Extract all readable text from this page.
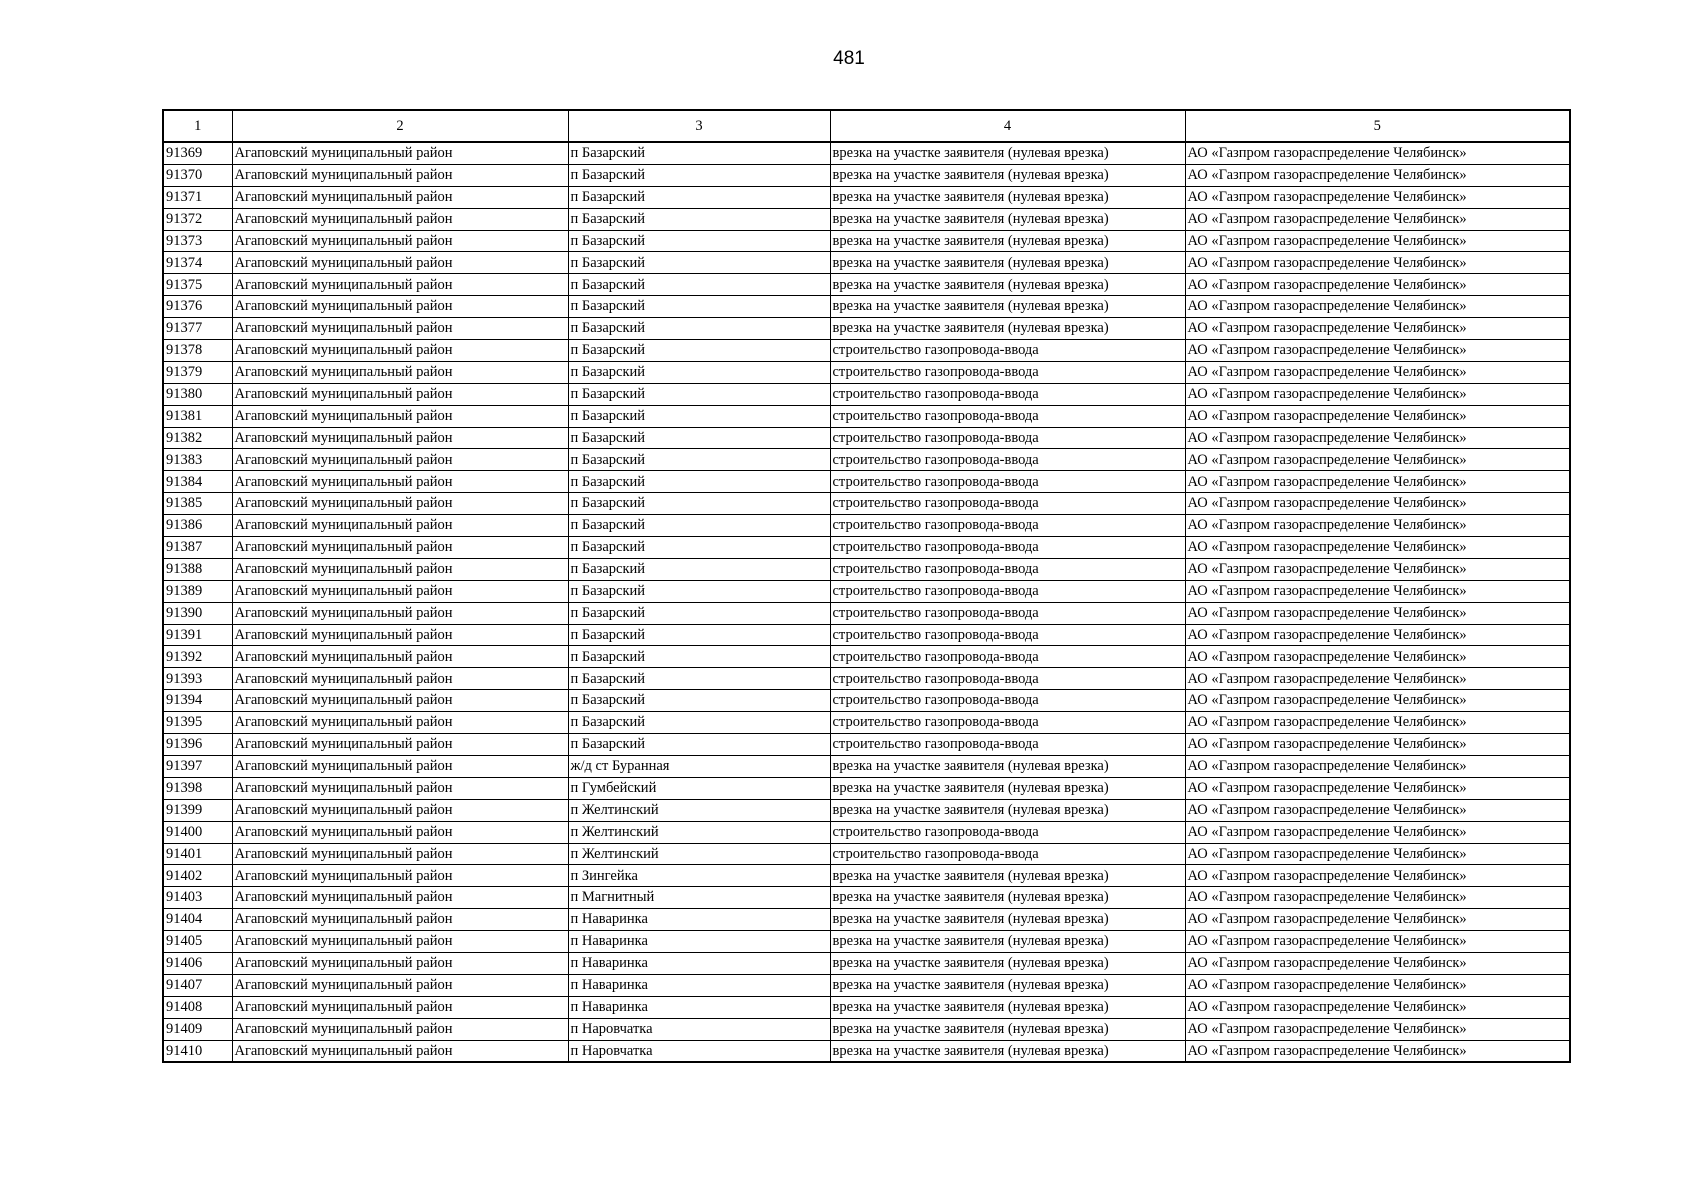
481
1	2	3	4	5
91369	Агаповский муниципальный район	п Базарский	врезка на участке заявителя (нулевая врезка)	АО «Газпром газораспределение Челябинск»
91370	Агаповский муниципальный район	п Базарский	врезка на участке заявителя (нулевая врезка)	АО «Газпром газораспределение Челябинск»
91371	Агаповский муниципальный район	п Базарский	врезка на участке заявителя (нулевая врезка)	АО «Газпром газораспределение Челябинск»
91372	Агаповский муниципальный район	п Базарский	врезка на участке заявителя (нулевая врезка)	АО «Газпром газораспределение Челябинск»
91373	Агаповский муниципальный район	п Базарский	врезка на участке заявителя (нулевая врезка)	АО «Газпром газораспределение Челябинск»
91374	Агаповский муниципальный район	п Базарский	врезка на участке заявителя (нулевая врезка)	АО «Газпром газораспределение Челябинск»
91375	Агаповский муниципальный район	п Базарский	врезка на участке заявителя (нулевая врезка)	АО «Газпром газораспределение Челябинск»
91376	Агаповский муниципальный район	п Базарский	врезка на участке заявителя (нулевая врезка)	АО «Газпром газораспределение Челябинск»
91377	Агаповский муниципальный район	п Базарский	врезка на участке заявителя (нулевая врезка)	АО «Газпром газораспределение Челябинск»
91378	Агаповский муниципальный район	п Базарский	строительство газопровода-ввода	АО «Газпром газораспределение Челябинск»
91379	Агаповский муниципальный район	п Базарский	строительство газопровода-ввода	АО «Газпром газораспределение Челябинск»
91380	Агаповский муниципальный район	п Базарский	строительство газопровода-ввода	АО «Газпром газораспределение Челябинск»
91381	Агаповский муниципальный район	п Базарский	строительство газопровода-ввода	АО «Газпром газораспределение Челябинск»
91382	Агаповский муниципальный район	п Базарский	строительство газопровода-ввода	АО «Газпром газораспределение Челябинск»
91383	Агаповский муниципальный район	п Базарский	строительство газопровода-ввода	АО «Газпром газораспределение Челябинск»
91384	Агаповский муниципальный район	п Базарский	строительство газопровода-ввода	АО «Газпром газораспределение Челябинск»
91385	Агаповский муниципальный район	п Базарский	строительство газопровода-ввода	АО «Газпром газораспределение Челябинск»
91386	Агаповский муниципальный район	п Базарский	строительство газопровода-ввода	АО «Газпром газораспределение Челябинск»
91387	Агаповский муниципальный район	п Базарский	строительство газопровода-ввода	АО «Газпром газораспределение Челябинск»
91388	Агаповский муниципальный район	п Базарский	строительство газопровода-ввода	АО «Газпром газораспределение Челябинск»
91389	Агаповский муниципальный район	п Базарский	строительство газопровода-ввода	АО «Газпром газораспределение Челябинск»
91390	Агаповский муниципальный район	п Базарский	строительство газопровода-ввода	АО «Газпром газораспределение Челябинск»
91391	Агаповский муниципальный район	п Базарский	строительство газопровода-ввода	АО «Газпром газораспределение Челябинск»
91392	Агаповский муниципальный район	п Базарский	строительство газопровода-ввода	АО «Газпром газораспределение Челябинск»
91393	Агаповский муниципальный район	п Базарский	строительство газопровода-ввода	АО «Газпром газораспределение Челябинск»
91394	Агаповский муниципальный район	п Базарский	строительство газопровода-ввода	АО «Газпром газораспределение Челябинск»
91395	Агаповский муниципальный район	п Базарский	строительство газопровода-ввода	АО «Газпром газораспределение Челябинск»
91396	Агаповский муниципальный район	п Базарский	строительство газопровода-ввода	АО «Газпром газораспределение Челябинск»
91397	Агаповский муниципальный район	ж/д ст Буранная	врезка на участке заявителя (нулевая врезка)	АО «Газпром газораспределение Челябинск»
91398	Агаповский муниципальный район	п Гумбейский	врезка на участке заявителя (нулевая врезка)	АО «Газпром газораспределение Челябинск»
91399	Агаповский муниципальный район	п Желтинский	врезка на участке заявителя (нулевая врезка)	АО «Газпром газораспределение Челябинск»
91400	Агаповский муниципальный район	п Желтинский	строительство газопровода-ввода	АО «Газпром газораспределение Челябинск»
91401	Агаповский муниципальный район	п Желтинский	строительство газопровода-ввода	АО «Газпром газораспределение Челябинск»
91402	Агаповский муниципальный район	п Зингейка	врезка на участке заявителя (нулевая врезка)	АО «Газпром газораспределение Челябинск»
91403	Агаповский муниципальный район	п Магнитный	врезка на участке заявителя (нулевая врезка)	АО «Газпром газораспределение Челябинск»
91404	Агаповский муниципальный район	п Наваринка	врезка на участке заявителя (нулевая врезка)	АО «Газпром газораспределение Челябинск»
91405	Агаповский муниципальный район	п Наваринка	врезка на участке заявителя (нулевая врезка)	АО «Газпром газораспределение Челябинск»
91406	Агаповский муниципальный район	п Наваринка	врезка на участке заявителя (нулевая врезка)	АО «Газпром газораспределение Челябинск»
91407	Агаповский муниципальный район	п Наваринка	врезка на участке заявителя (нулевая врезка)	АО «Газпром газораспределение Челябинск»
91408	Агаповский муниципальный район	п Наваринка	врезка на участке заявителя (нулевая врезка)	АО «Газпром газораспределение Челябинск»
91409	Агаповский муниципальный район	п Наровчатка	врезка на участке заявителя (нулевая врезка)	АО «Газпром газораспределение Челябинск»
91410	Агаповский муниципальный район	п Наровчатка	врезка на участке заявителя (нулевая врезка)	АО «Газпром газораспределение Челябинск»
